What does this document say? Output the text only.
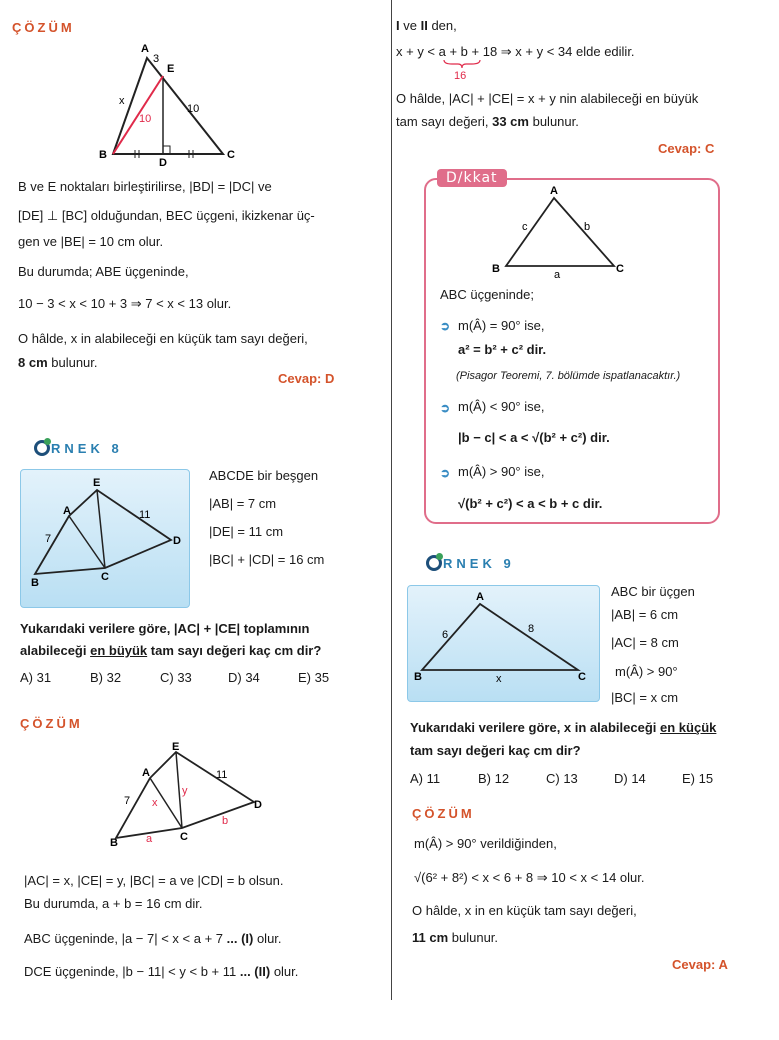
ÇÖZÜM
A
E
3
x
10
10
B
D
C
B ve E noktaları birleştirilirse, |BD| = |DC| ve
[DE] ⊥ [BC] olduğundan, BEC üçgeni, ikizkenar üç-
gen ve |BE| = 10 cm olur.
Bu durumda; ABE üçgeninde,
10 − 3 < x < 10 + 3 ⇒ 7 < x < 13 olur.
O hâlde, x in alabileceği en küçük tam sayı değeri,
8 cm bulunur.
Cevap: D
RNEK 8
E
A
D
B	C
7
11
ABCDE bir beşgen
|AB| = 7 cm
|DE| = 11 cm
|BC| + |CD| = 16 cm
Yukarıdaki verilere göre, |AC| + |CE| toplamının
alabileceği en büyük tam sayı değeri kaç cm dir?
A) 31	B) 32	C) 33	D) 34	E) 35
ÇÖZÜM
E
A
D
B	C
7
11
x
y
a
b
|AC| = x, |CE| = y, |BC| = a ve |CD| = b olsun.
Bu durumda, a + b = 16 cm dir.
ABC üçgeninde, |a − 7| < x < a + 7 ... (I) olur.
DCE üçgeninde, |b − 11| < y < b + 11 ... (II) olur.
I ve II den,
x + y < a + b + 18 ⇒ x + y < 34 elde edilir.
16
O hâlde, |AC| + |CE| = x + y nin alabileceği en büyük
tam sayı değeri, 33 cm bulunur.
Cevap: C
D/kkat
A
B	C
c	b
a
ABC üçgeninde;
➲ m(Â) = 90° ise,
a² = b² + c² dir.
(Pisagor Teoremi, 7. bölümde ispatlanacaktır.)
➲ m(Â) < 90° ise,
|b − c| < a < √(b² + c²) dir.
➲ m(Â) > 90° ise,
√(b² + c²) < a < b + c dir.
RNEK 9
A
B	C
6	8
x
ABC bir üçgen
|AB| = 6 cm
|AC| = 8 cm
m(Â) > 90°
|BC| = x cm
Yukarıdaki verilere göre, x in alabileceği en küçük
tam sayı değeri kaç cm dir?
A) 11	B) 12	C) 13	D) 14	E) 15
ÇÖZÜM
m(Â) > 90° verildiğinden,
√(6² + 8²) < x < 6 + 8 ⇒ 10 < x < 14 olur.
O hâlde, x in en küçük tam sayı değeri,
11 cm bulunur.
Cevap: A
